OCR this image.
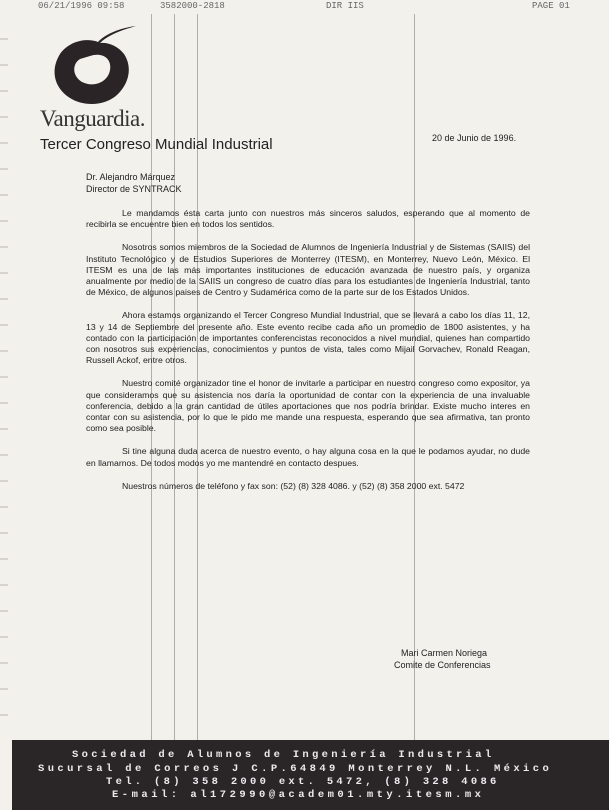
06/21/1996 09:58	3582000-2818	DIR IIS	PAGE 01
Vanguardia.
Tercer Congreso Mundial Industrial	20 de Junio de 1996.
Dr. Alejandro Márquez
Director de SYNTRACK

Le mandamos ésta carta junto con nuestros más sinceros saludos, esperando que al momento de recibirla se encuentre bien en todos los sentidos.

Nosotros somos miembros de la Sociedad de Alumnos de Ingeniería Industrial y de Sistemas (SAIIS) del Instituto Tecnológico y de Estudios Superiores de Monterrey (ITESM), en Monterrey, Nuevo León, México. El ITESM es una de las más importantes instituciones de educación avanzada de nuestro país, y organiza anualmente por medio de la SAIIS un congreso de cuatro días para los estudiantes de Ingeniería Industrial, tanto de México, de algunos paises de Centro y Sudamérica como de la parte sur de los Estados Unidos.

Ahora estamos organizando el Tercer Congreso Mundial Industrial, que se llevará a cabo los días 11, 12, 13 y 14 de Septiembre del presente año. Este evento recibe cada año un promedio de 1800 asistentes, y ha contado con la participación de importantes conferencistas reconocidos a nivel mundial, quienes han compartido con nosotros sus experiencias, conocimientos y puntos de vista, tales como Mijail Gorvachev, Ronald Reagan, Russell Ackof, entre otros.

Nuestro comité organizador tine el honor de invitarle a participar en nuestro congreso como expositor, ya que consideramos que su asistencia nos daría la oportunidad de contar con la experiencia de una invaluable conferencia, debido a la gran cantidad de útiles aportaciones que nos podría brindar. Existe mucho interes en contar con su asistencia, por lo que le pido me mande una respuesta, esperando que sea afirmativa, tan pronto como sea posible.

Si tine alguna duda acerca de nuestro evento, o hay alguna cosa en la que le podamos ayudar, no dude en llamarnos. De todos modos yo me mantendré en contacto despues.

Nuestros números de teléfono y fax son: (52) (8) 328 4086. y (52) (8) 358 2000 ext. 5472

Mari Carmen Noriega
Comite de Conferencias
Sociedad de Alumnos de Ingeniería Industrial
Sucursal de Correos J C.P.64849 Monterrey N.L. México
Tel. (8) 358 2000 ext. 5472, (8) 328 4086
E-mail: al172990@academ01.mty.itesm.mx
